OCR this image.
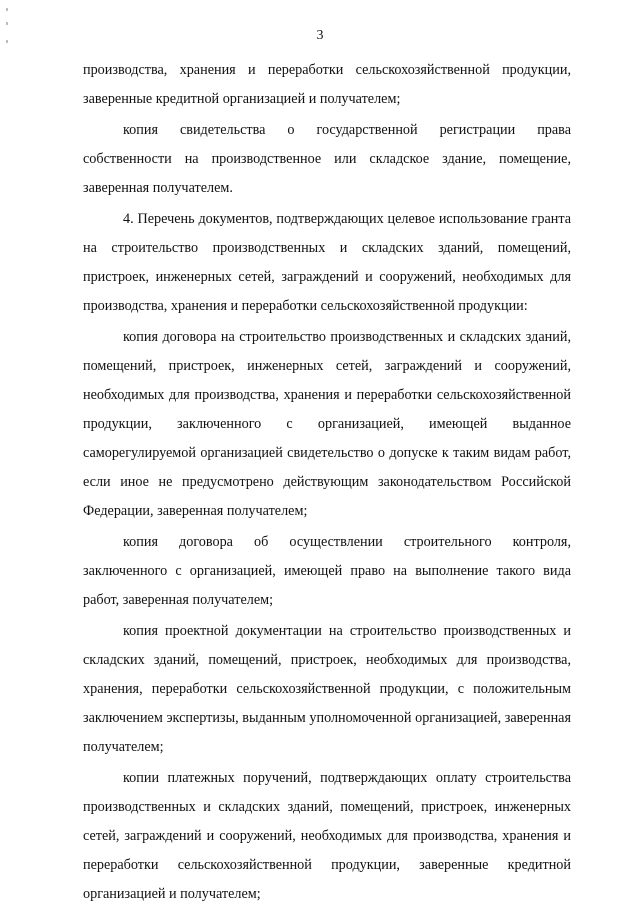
3

производства, хранения и переработки сельскохозяйственной продукции, заверенные кредитной организацией и получателем;

копия свидетельства о государственной регистрации права собственности на производственное или складское здание, помещение, заверенная получателем.

4. Перечень документов, подтверждающих целевое использование гранта на строительство производственных и складских зданий, помещений, пристроек, инженерных сетей, заграждений и сооружений, необходимых для производства, хранения и переработки сельскохозяйственной продукции:

копия договора на строительство производственных и складских зданий, помещений, пристроек, инженерных сетей, заграждений и сооружений, необходимых для производства, хранения и переработки сельскохозяйственной продукции, заключенного с организацией, имеющей выданное саморегулируемой организацией свидетельство о допуске к таким видам работ, если иное не предусмотрено действующим законодательством Российской Федерации, заверенная получателем;

копия договора об осуществлении строительного контроля, заключенного с организацией, имеющей право на выполнение такого вида работ, заверенная получателем;

копия проектной документации на строительство производственных и складских зданий, помещений, пристроек, необходимых для производства, хранения, переработки сельскохозяйственной продукции, с положительным заключением экспертизы, выданным уполномоченной организацией, заверенная получателем;

копии платежных поручений, подтверждающих оплату строительства производственных и складских зданий, помещений, пристроек, инженерных сетей, заграждений и сооружений, необходимых для производства, хранения и переработки сельскохозяйственной продукции, заверенные кредитной организацией и получателем;
